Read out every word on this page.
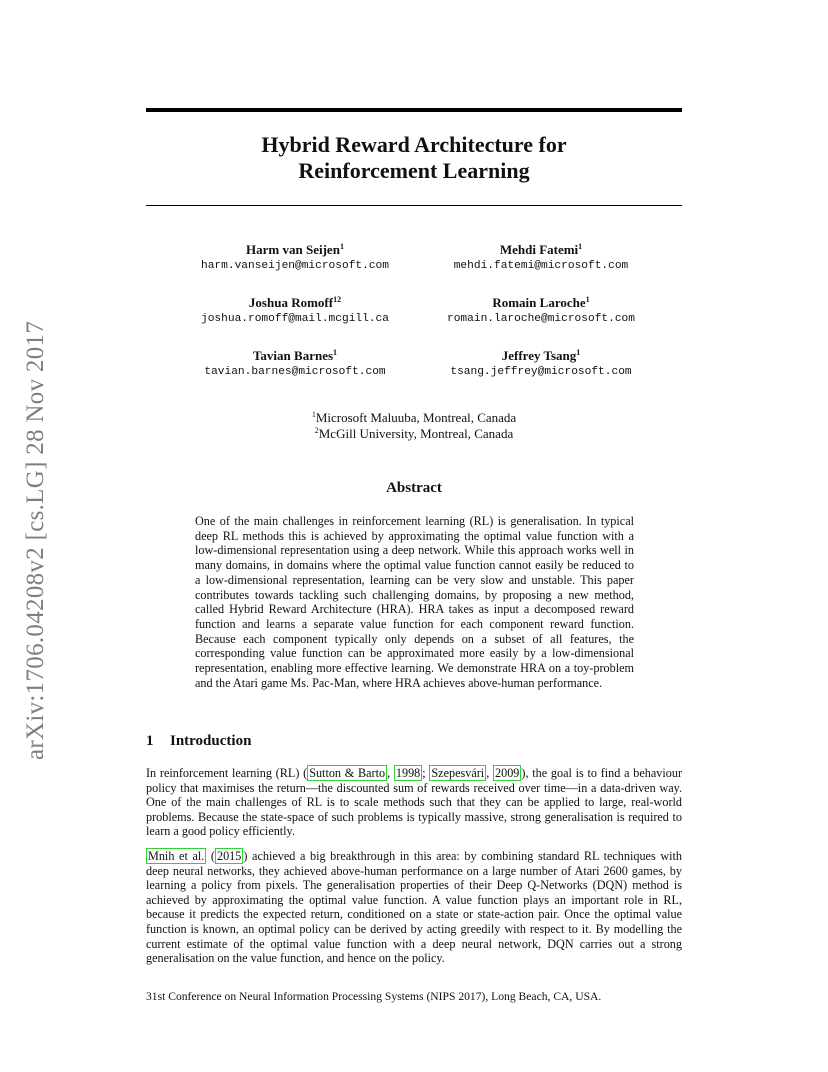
arXiv:1706.04208v2 [cs.LG] 28 Nov 2017
Hybrid Reward Architecture for
Reinforcement Learning
Harm van Seijen$^1$
harm.vanseijen@microsoft.com
Mehdi Fatemi$^1$
mehdi.fatemi@microsoft.com
Joshua Romoff$^{12}$
joshua.romoff@mail.mcgill.ca
Romain Laroche$^1$
romain.laroche@microsoft.com
Tavian Barnes$^1$
tavian.barnes@microsoft.com
Jeffrey Tsang$^1$
tsang.jeffrey@microsoft.com
$^1$Microsoft Maluuba, Montreal, Canada
$^2$McGill University, Montreal, Canada
Abstract
One of the main challenges in reinforcement learning (RL) is generalisation. In typical deep RL methods this is achieved by approximating the optimal value function with a low-dimensional representation using a deep network. While this approach works well in many domains, in domains where the optimal value function cannot easily be reduced to a low-dimensional representation, learning can be very slow and unstable. This paper contributes towards tackling such challenging domains, by proposing a new method, called Hybrid Reward Architecture (HRA). HRA takes as input a decomposed reward function and learns a separate value function for each component reward function. Because each component typically only depends on a subset of all features, the corresponding value function can be approximated more easily by a low-dimensional representation, enabling more effective learning. We demonstrate HRA on a toy-problem and the Atari game Ms. Pac-Man, where HRA achieves above-human performance.
1 Introduction
In reinforcement learning (RL) ( Sutton & Barto , 1998 ; Szepesvári , 2009 ), the goal is to find a behaviour policy that maximises the return—the discounted sum of rewards received over time—in a data-driven way. One of the main challenges of RL is to scale methods such that they can be applied to large, real-world problems. Because the state-space of such problems is typically massive, strong generalisation is required to learn a good policy efficiently.
Mnih et al. ( 2015 ) achieved a big breakthrough in this area: by combining standard RL techniques with deep neural networks, they achieved above-human performance on a large number of Atari 2600 games, by learning a policy from pixels. The generalisation properties of their Deep Q-Networks (DQN) method is achieved by approximating the optimal value function. A value function plays an important role in RL, because it predicts the expected return, conditioned on a state or state-action pair. Once the optimal value function is known, an optimal policy can be derived by acting greedily with respect to it. By modelling the current estimate of the optimal value function with a deep neural network, DQN carries out a strong generalisation on the value function, and hence on the policy.
31st Conference on Neural Information Processing Systems (NIPS 2017), Long Beach, CA, USA.
